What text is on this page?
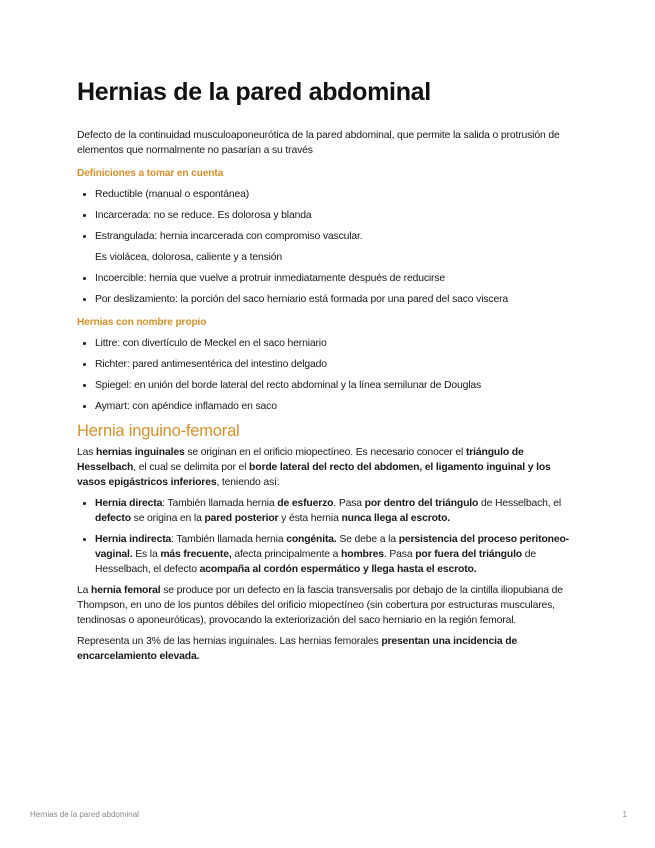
Hernias de la pared abdominal

Defecto de la continuidad musculoaponeurótica de la pared abdominal, que permite la salida o protrusión de elementos que normalmente no pasarían a su través

Definiciones a tomar en cuenta
• Reductible (manual o espontánea)
• Incarcerada: no se reduce. Es dolorosa y blanda
• Estrangulada: hernia incarcerada con compromiso vascular.
Es violácea, dolorosa, caliente y a tensión
• Incoercible: hernia que vuelve a protruir inmediatamente después de reducirse
• Por deslizamiento: la porción del saco herniario está formada por una pared del saco viscera
Hernias con nombre propio
• Littre: con divertículo de Meckel en el saco herniario
• Richter: pared antimesentérica del intestino delgado
• Spiegel: en unión del borde lateral del recto abdominal y la línea semilunar de Douglas
• Aymart: con apéndice inflamado en saco
Hernia inguino-femoral

Las hernias inguinales se originan en el orificio miopectíneo. Es necesario conocer el triángulo de Hesselbach, el cual se delimita por el borde lateral del recto del abdomen, el ligamento inguinal y los vasos epigástricos inferiores, teniendo así:

• Hernia directa: También llamada hernia de esfuerzo. Pasa por dentro del triángulo de Hesselbach, el defecto se origina en la pared posterior y ésta hernia nunca llega al escroto.
• Hernia indirecta: También llamada hernia congénita. Se debe a la persistencia del proceso peritoneo-vaginal. Es la más frecuente, afecta principalmente a hombres. Pasa por fuera del triángulo de Hesselbach, el defecto acompaña al cordón espermático y llega hasta el escroto.

La hernia femoral se produce por un defecto en la fascia transversalis por debajo de la cintilla iliopubiana de Thompson, en uno de los puntos débiles del orificio miopectíneo (sin cobertura por estructuras musculares, tendinosas o aponeuróticas), provocando la exteriorización del saco herniario en la región femoral.

Representa un 3% de las hernias inguinales. Las hernias femorales presentan una incidencia de encarcelamiento elevada.

Hernias de la pared abdominal	1
